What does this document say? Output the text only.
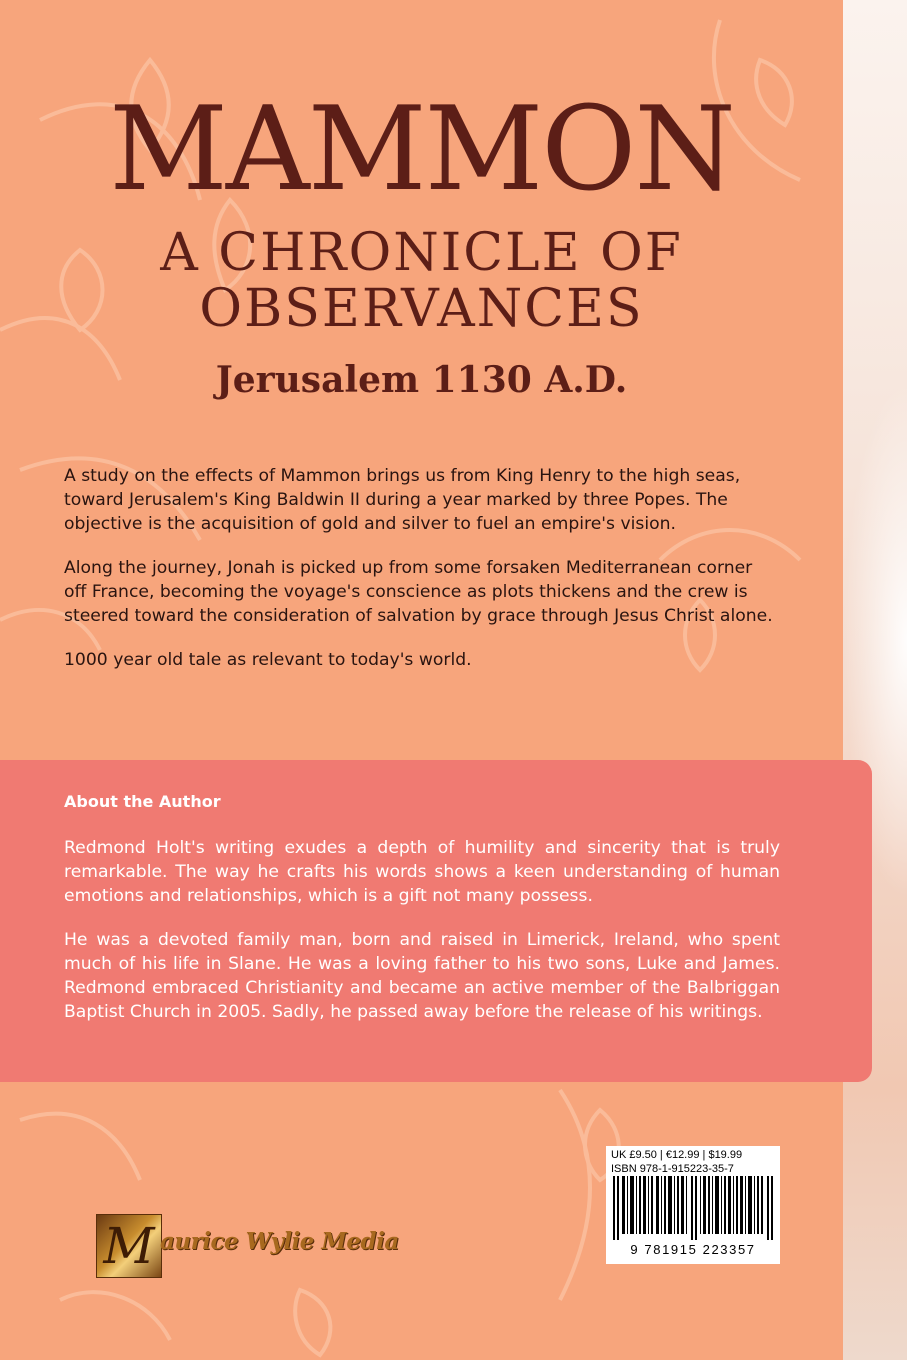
MAMMON
A CHRONICLE OF
OBSERVANCES
Jerusalem 1130 A.D.

A study on the effects of Mammon brings us from King Henry to the high seas, toward Jerusalem's King Baldwin II during a year marked by three Popes. The objective is the acquisition of gold and silver to fuel an empire's vision.

Along the journey, Jonah is picked up from some forsaken Mediterranean corner off France, becoming the voyage's conscience as plots thickens and the crew is steered toward the consideration of salvation by grace through Jesus Christ alone.

1000 year old tale as relevant to today's world.

About the Author

Redmond Holt's writing exudes a depth of humility and sincerity that is truly remarkable. The way he crafts his words shows a keen understanding of human emotions and relationships, which is a gift not many possess.

He was a devoted family man, born and raised in Limerick, Ireland, who spent much of his life in Slane. He was a loving father to his two sons, Luke and James. Redmond embraced Christianity and became an active member of the Balbriggan Baptist Church in 2005. Sadly, he passed away before the release of his writings.

UK £9.50 | €12.99 | $19.99
ISBN 978-1-915223-35-7
9 781915 223357
M aurice Wylie Media
